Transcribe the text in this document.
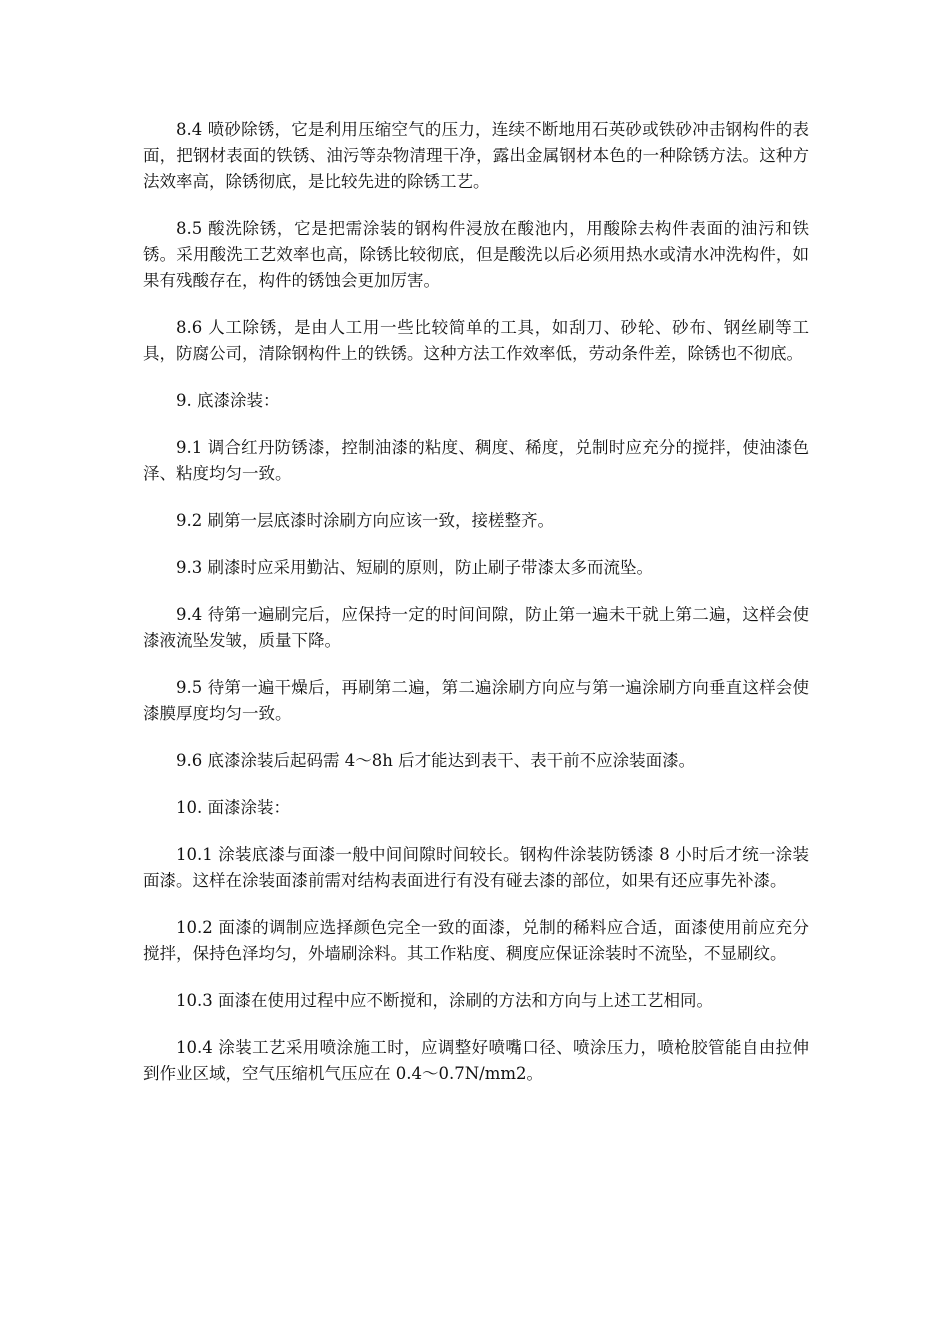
8.4 喷砂除锈，它是利用压缩空气的压力，连续不断地用石英砂或铁砂冲击钢构件的表面，把钢材表面的铁锈、油污等杂物清理干净，露出金属钢材本色的一种除锈方法。这种方法效率高，除锈彻底，是比较先进的除锈工艺。

8.5 酸洗除锈，它是把需涂装的钢构件浸放在酸池内，用酸除去构件表面的油污和铁锈。采用酸洗工艺效率也高，除锈比较彻底，但是酸洗以后必须用热水或清水冲洗构件，如果有残酸存在，构件的锈蚀会更加厉害。

8.6 人工除锈，是由人工用一些比较简单的工具，如刮刀、砂轮、砂布、钢丝刷等工具，防腐公司，清除钢构件上的铁锈。这种方法工作效率低，劳动条件差，除锈也不彻底。

9. 底漆涂装：

9.1 调合红丹防锈漆，控制油漆的粘度、稠度、稀度，兑制时应充分的搅拌，使油漆色泽、粘度均匀一致。

9.2 刷第一层底漆时涂刷方向应该一致，接槎整齐。

9.3 刷漆时应采用勤沾、短刷的原则，防止刷子带漆太多而流坠。

9.4 待第一遍刷完后，应保持一定的时间间隙，防止第一遍未干就上第二遍，这样会使漆液流坠发皱，质量下降。

9.5 待第一遍干燥后，再刷第二遍，第二遍涂刷方向应与第一遍涂刷方向垂直这样会使漆膜厚度均匀一致。

9.6 底漆涂装后起码需 4～8h 后才能达到表干、表干前不应涂装面漆。

10. 面漆涂装：

10.1 涂装底漆与面漆一般中间间隙时间较长。钢构件涂装防锈漆 8 小时后才统一涂装面漆。这样在涂装面漆前需对结构表面进行有没有碰去漆的部位，如果有还应事先补漆。

10.2 面漆的调制应选择颜色完全一致的面漆，兑制的稀料应合适，面漆使用前应充分搅拌，保持色泽均匀，外墙刷涂料。其工作粘度、稠度应保证涂装时不流坠，不显刷纹。

10.3 面漆在使用过程中应不断搅和，涂刷的方法和方向与上述工艺相同。

10.4 涂装工艺采用喷涂施工时，应调整好喷嘴口径、喷涂压力，喷枪胶管能自由拉伸到作业区域，空气压缩机气压应在 0.4～0.7N/mm2。
